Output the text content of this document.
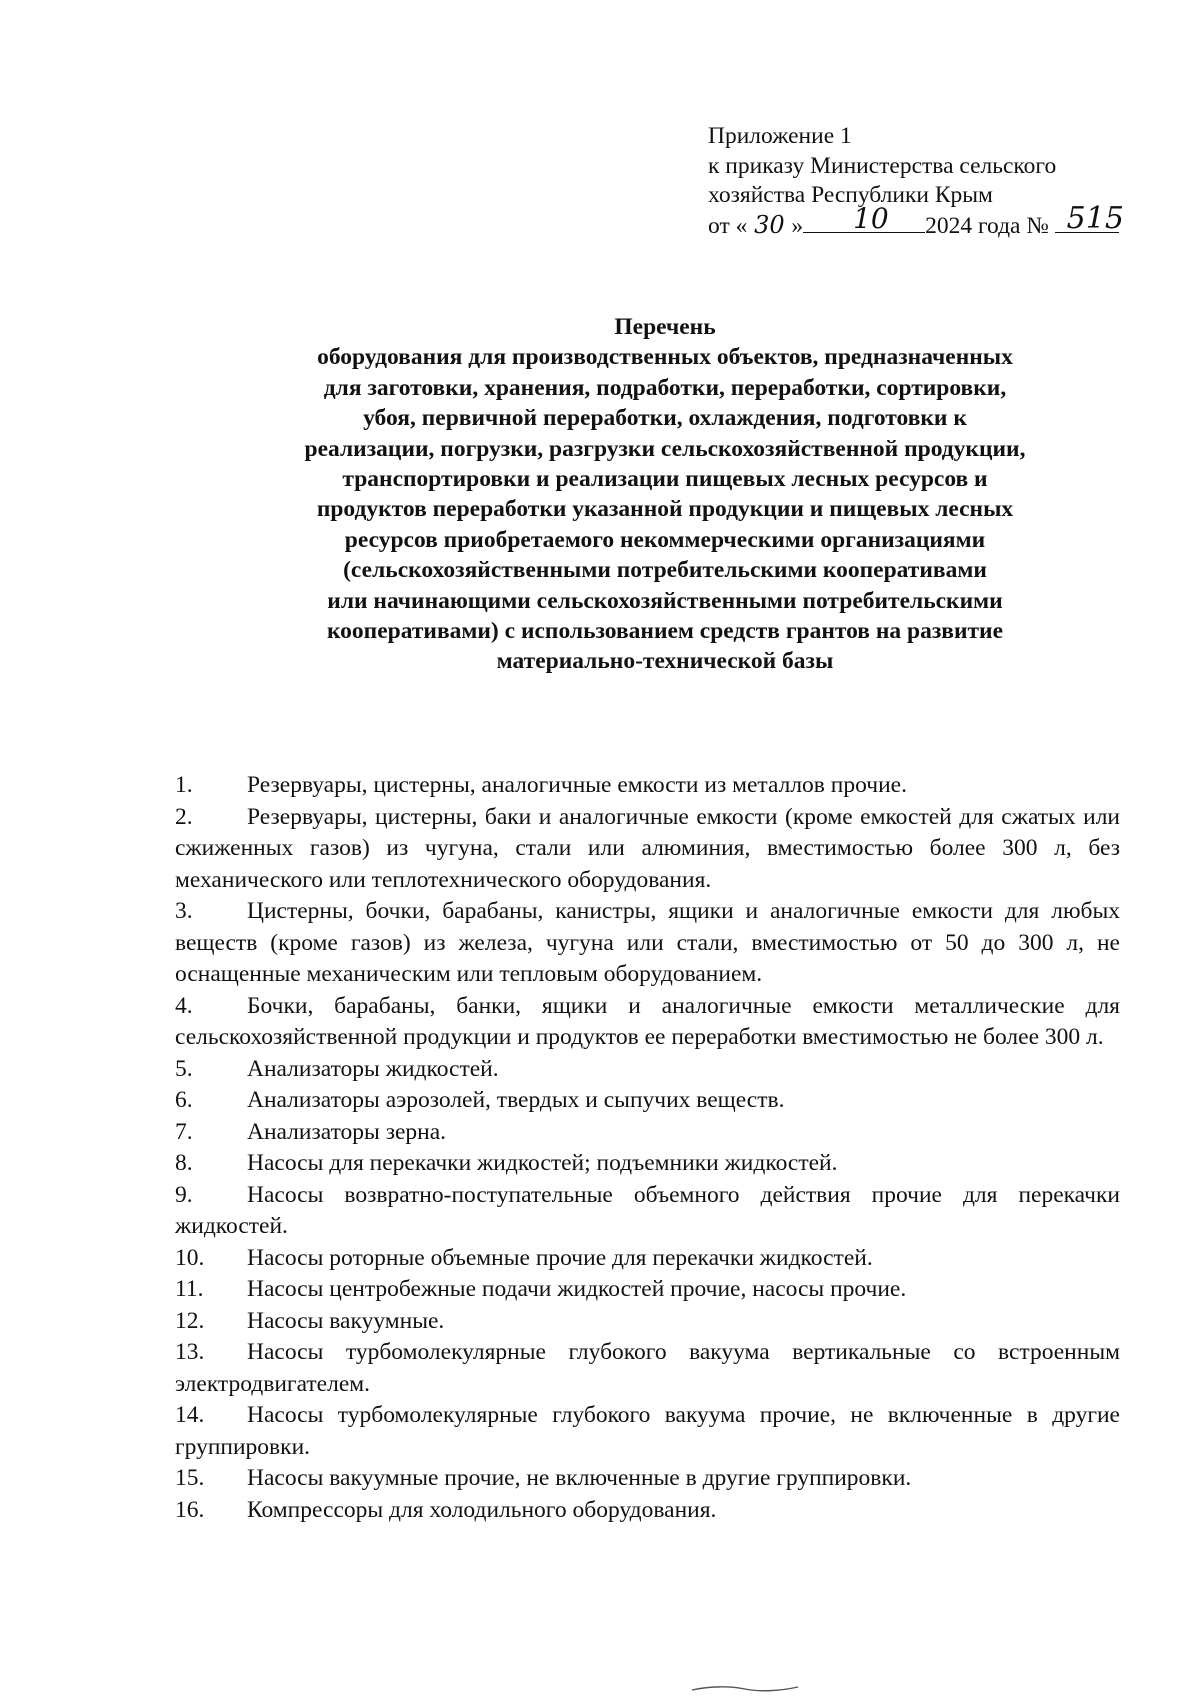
Приложение 1
к приказу Министерства сельского
хозяйства Республики Крым
от « 30 » 10 2024 года № 515
Перечень
оборудования для производственных объектов, предназначенных
для заготовки, хранения, подработки, переработки, сортировки,
убоя, первичной переработки, охлаждения, подготовки к
реализации, погрузки, разгрузки сельскохозяйственной продукции,
транспортировки и реализации пищевых лесных ресурсов и
продуктов переработки указанной продукции и пищевых лесных
ресурсов приобретаемого некоммерческими организациями
(сельскохозяйственными потребительскими кооперативами
или начинающими сельскохозяйственными потребительскими
кооперативами) с использованием средств грантов на развитие
материально-технической базы
1. Резервуары, цистерны, аналогичные емкости из металлов прочие.
2. Резервуары, цистерны, баки и аналогичные емкости (кроме емкостей для сжатых или сжиженных газов) из чугуна, стали или алюминия, вместимостью более 300 л, без механического или теплотехнического оборудования.
3. Цистерны, бочки, барабаны, канистры, ящики и аналогичные емкости для любых веществ (кроме газов) из железа, чугуна или стали, вместимостью от 50 до 300 л, не оснащенные механическим или тепловым оборудованием.
4. Бочки, барабаны, банки, ящики и аналогичные емкости металлические для сельскохозяйственной продукции и продуктов ее переработки вместимостью не более 300 л.
5. Анализаторы жидкостей.
6. Анализаторы аэрозолей, твердых и сыпучих веществ.
7. Анализаторы зерна.
8. Насосы для перекачки жидкостей; подъемники жидкостей.
9. Насосы возвратно-поступательные объемного действия прочие для перекачки жидкостей.
10. Насосы роторные объемные прочие для перекачки жидкостей.
11. Насосы центробежные подачи жидкостей прочие, насосы прочие.
12. Насосы вакуумные.
13. Насосы турбомолекулярные глубокого вакуума вертикальные со встроенным электродвигателем.
14. Насосы турбомолекулярные глубокого вакуума прочие, не включенные в другие группировки.
15. Насосы вакуумные прочие, не включенные в другие группировки.
16. Компрессоры для холодильного оборудования.
